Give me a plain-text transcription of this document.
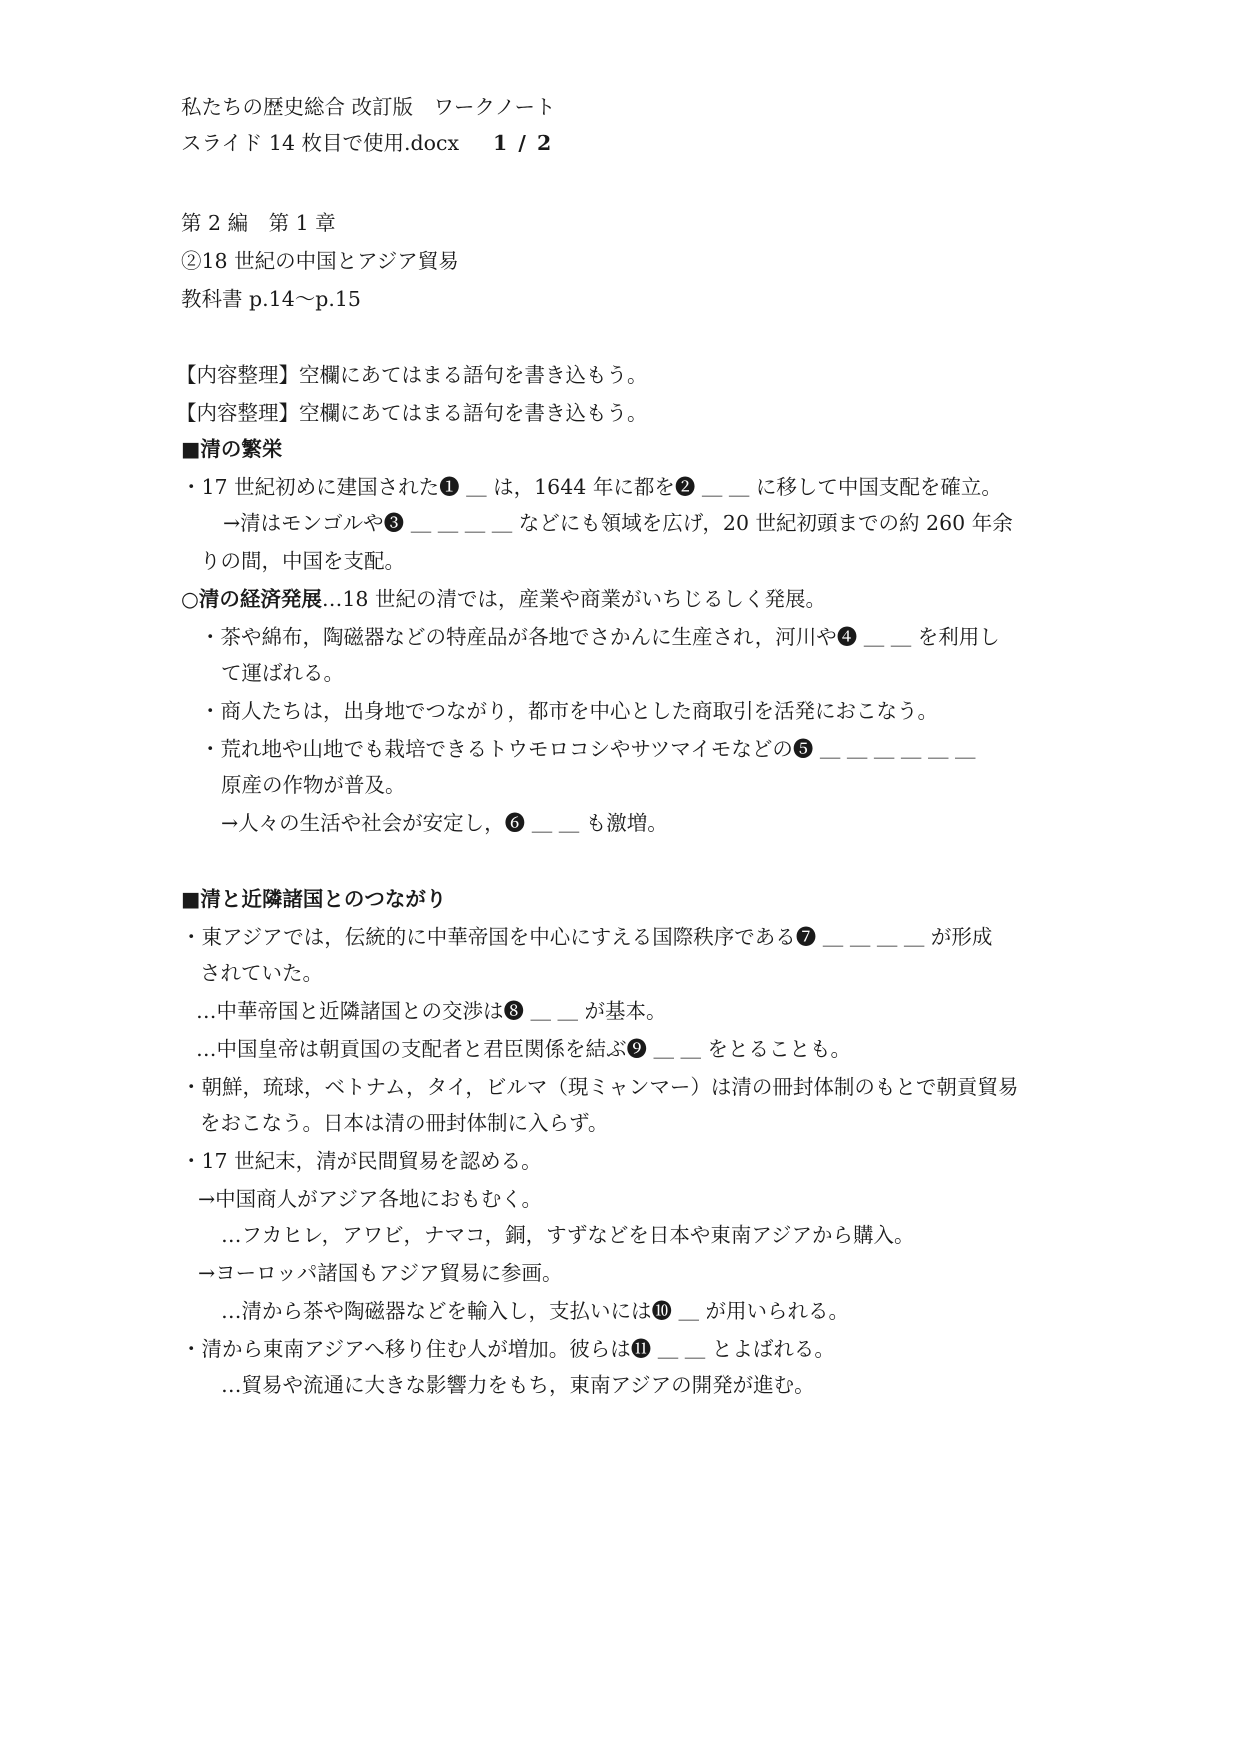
私たちの歴史総合 改訂版　ワークノート
スライド 14 枚目で使用.docx 1 / 2
第 2 編　第 1 章
②18 世紀の中国とアジア貿易
教科書 p.14〜p.15
【内容整理】空欄にあてはまる語句を書き込もう。
【内容整理】空欄にあてはまる語句を書き込もう。
■清の繁栄
・17 世紀初めに建国された❶ ＿ は，1644 年に都を❷ ＿ ＿ に移して中国支配を確立。
→清はモンゴルや❸ ＿ ＿ ＿ ＿ などにも領域を広げ，20 世紀初頭までの約 260 年余
りの間，中国を支配。
○清の経済発展…18 世紀の清では，産業や商業がいちじるしく発展。
・茶や綿布，陶磁器などの特産品が各地でさかんに生産され，河川や❹ ＿ ＿ を利用し
て運ばれる。
・商人たちは，出身地でつながり，都市を中心とした商取引を活発におこなう。
・荒れ地や山地でも栽培できるトウモロコシやサツマイモなどの❺ ＿ ＿ ＿ ＿ ＿ ＿
原産の作物が普及。
→人々の生活や社会が安定し，❻ ＿ ＿ も激増。
■清と近隣諸国とのつながり
・東アジアでは，伝統的に中華帝国を中心にすえる国際秩序である❼ ＿ ＿ ＿ ＿ が形成
されていた。
…中華帝国と近隣諸国との交渉は❽ ＿ ＿ が基本。
…中国皇帝は朝貢国の支配者と君臣関係を結ぶ❾ ＿ ＿ をとることも。
・朝鮮，琉球，ベトナム，タイ，ビルマ（現ミャンマー）は清の冊封体制のもとで朝貢貿易
をおこなう。日本は清の冊封体制に入らず。
・17 世紀末，清が民間貿易を認める。
→中国商人がアジア各地におもむく。
…フカヒレ，アワビ，ナマコ，銅，すずなどを日本や東南アジアから購入。
→ヨーロッパ諸国もアジア貿易に参画。
…清から茶や陶磁器などを輸入し，支払いには❿ ＿ が用いられる。
・清から東南アジアへ移り住む人が増加。彼らは⓫ ＿ ＿ とよばれる。
…貿易や流通に大きな影響力をもち，東南アジアの開発が進む。
